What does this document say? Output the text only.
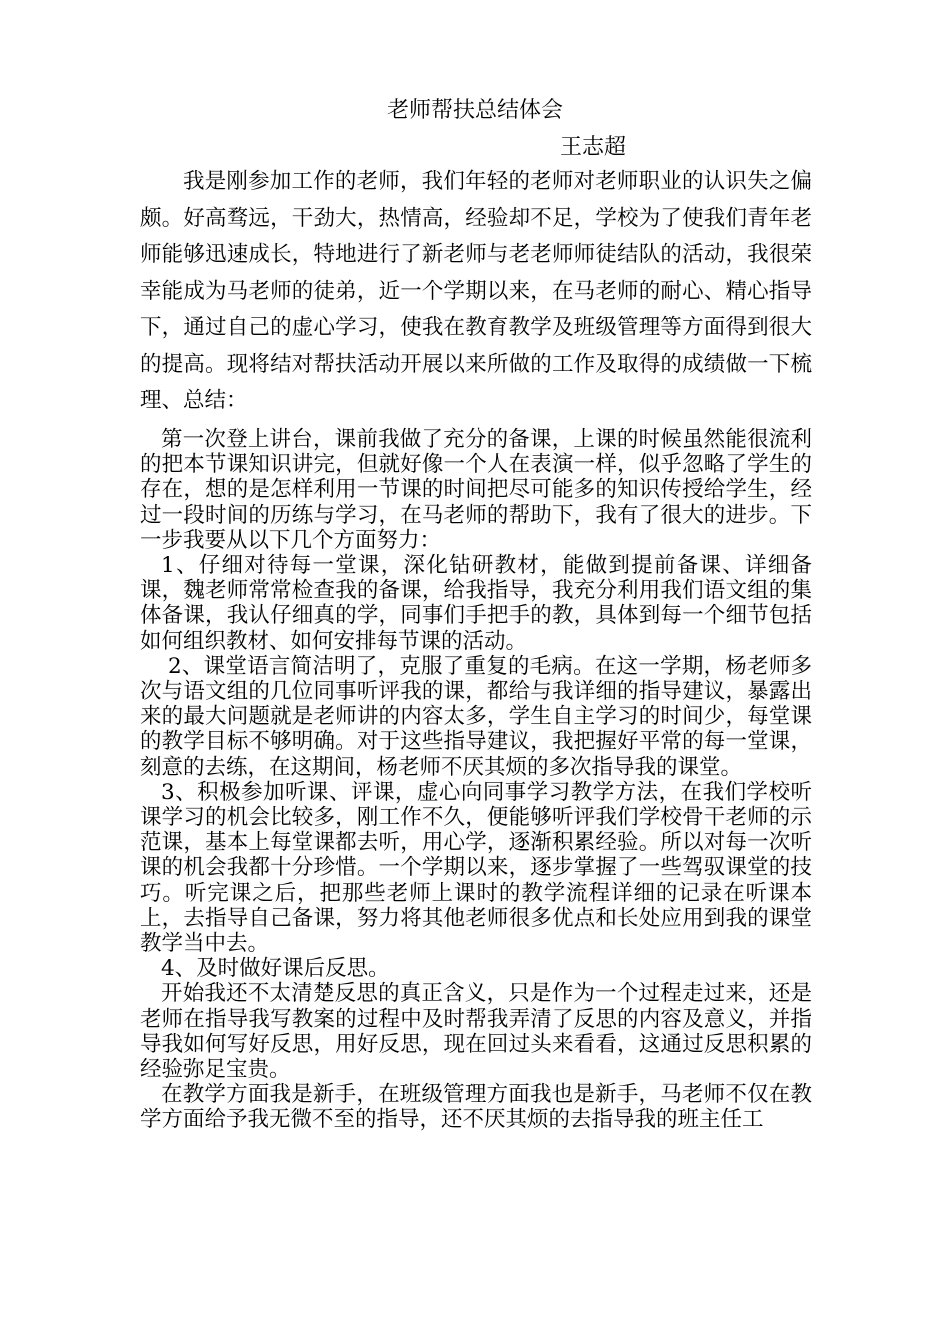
老师帮扶总结体会
王志超

我是刚参加工作的老师，我们年轻的老师对老师职业的认识失之偏颇。好高骛远，干劲大，热情高，经验却不足，学校为了使我们青年老师能够迅速成长，特地进行了新老师与老老师师徒结队的活动，我很荣幸能成为马老师的徒弟，近一个学期以来，在马老师的耐心、精心指导下，通过自己的虚心学习，使我在教育教学及班级管理等方面得到很大的提高。现将结对帮扶活动开展以来所做的工作及取得的成绩做一下梳理、总结：

第一次登上讲台，课前我做了充分的备课，上课的时候虽然能很流利的把本节课知识讲完，但就好像一个人在表演一样，似乎忽略了学生的存在，想的是怎样利用一节课的时间把尽可能多的知识传授给学生，经过一段时间的历练与学习，在马老师的帮助下，我有了很大的进步。下一步我要从以下几个方面努力：

1、仔细对待每一堂课，深化钻研教材，能做到提前备课、详细备课，魏老师常常检查我的备课，给我指导，我充分利用我们语文组的集体备课，我认仔细真的学，同事们手把手的教，具体到每一个细节包括如何组织教材、如何安排每节课的活动。

2、课堂语言简洁明了，克服了重复的毛病。在这一学期，杨老师多次与语文组的几位同事听评我的课，都给与我详细的指导建议，暴露出来的最大问题就是老师讲的内容太多，学生自主学习的时间少，每堂课的教学目标不够明确。对于这些指导建议，我把握好平常的每一堂课，刻意的去练，在这期间，杨老师不厌其烦的多次指导我的课堂。

3、积极参加听课、评课，虚心向同事学习教学方法，在我们学校听课学习的机会比较多，刚工作不久，便能够听评我们学校骨干老师的示范课，基本上每堂课都去听，用心学，逐渐积累经验。所以对每一次听课的机会我都十分珍惜。一个学期以来，逐步掌握了一些驾驭课堂的技巧。听完课之后，把那些老师上课时的教学流程详细的记录在听课本上，去指导自己备课，努力将其他老师很多优点和长处应用到我的课堂教学当中去。

4、及时做好课后反思。

开始我还不太清楚反思的真正含义，只是作为一个过程走过来，还是老师在指导我写教案的过程中及时帮我弄清了反思的内容及意义，并指导我如何写好反思，用好反思，现在回过头来看看，这通过反思积累的经验弥足宝贵。

在教学方面我是新手，在班级管理方面我也是新手，马老师不仅在教学方面给予我无微不至的指导，还不厌其烦的去指导我的班主任工
